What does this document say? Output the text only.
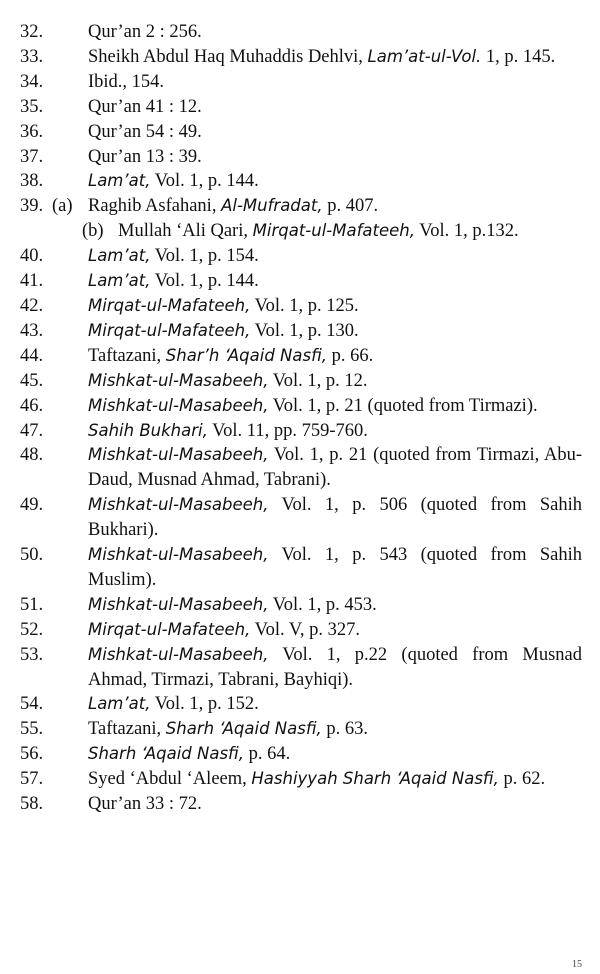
32.	Qur’an 2 : 256.
33.	Sheikh Abdul Haq Muhaddis Dehlvi, Lam’at-ul-Vol. 1, p. 145.
34.	Ibid., 154.
35.	Qur’an 41 : 12.
36.	Qur’an 54 : 49.
37.	Qur’an 13 : 39.
38.	Lam’at, Vol. 1, p. 144.
39. (a) Raghib Asfahani, Al-Mufradat, p. 407.
(b) Mullah ‘Ali Qari, Mirqat-ul-Mafateeh, Vol. 1, p.132.
40.	Lam’at, Vol. 1, p. 154.
41.	Lam’at, Vol. 1, p. 144.
42.	Mirqat-ul-Mafateeh, Vol. 1, p. 125.
43.	Mirqat-ul-Mafateeh, Vol. 1, p. 130.
44.	Taftazani, Shar’h ‘Aqaid Nasfi, p. 66.
45.	Mishkat-ul-Masabeeh, Vol. 1, p. 12.
46.	Mishkat-ul-Masabeeh, Vol. 1, p. 21 (quoted from Tirmazi).
47.	Sahih Bukhari, Vol. 11, pp. 759-760.
48.	Mishkat-ul-Masabeeh, Vol. 1, p. 21 (quoted from Tirmazi, Abu-Daud, Musnad Ahmad, Tabrani).
49.	Mishkat-ul-Masabeeh, Vol. 1, p. 506 (quoted from Sahih Bukhari).
50.	Mishkat-ul-Masabeeh, Vol. 1, p. 543 (quoted from Sahih Muslim).
51.	Mishkat-ul-Masabeeh, Vol. 1, p. 453.
52.	Mirqat-ul-Mafateeh, Vol. V, p. 327.
53.	Mishkat-ul-Masabeeh, Vol. 1, p.22 (quoted from Musnad Ahmad, Tirmazi, Tabrani, Bayhiqi).
54.	Lam’at, Vol. 1, p. 152.
55.	Taftazani, Sharh ‘Aqaid Nasfi, p. 63.
56.	Sharh ‘Aqaid Nasfi, p. 64.
57.	Syed ‘Abdul ‘Aleem, Hashiyyah Sharh ‘Aqaid Nasfi, p. 62.
58.	Qur’an 33 : 72.
15
